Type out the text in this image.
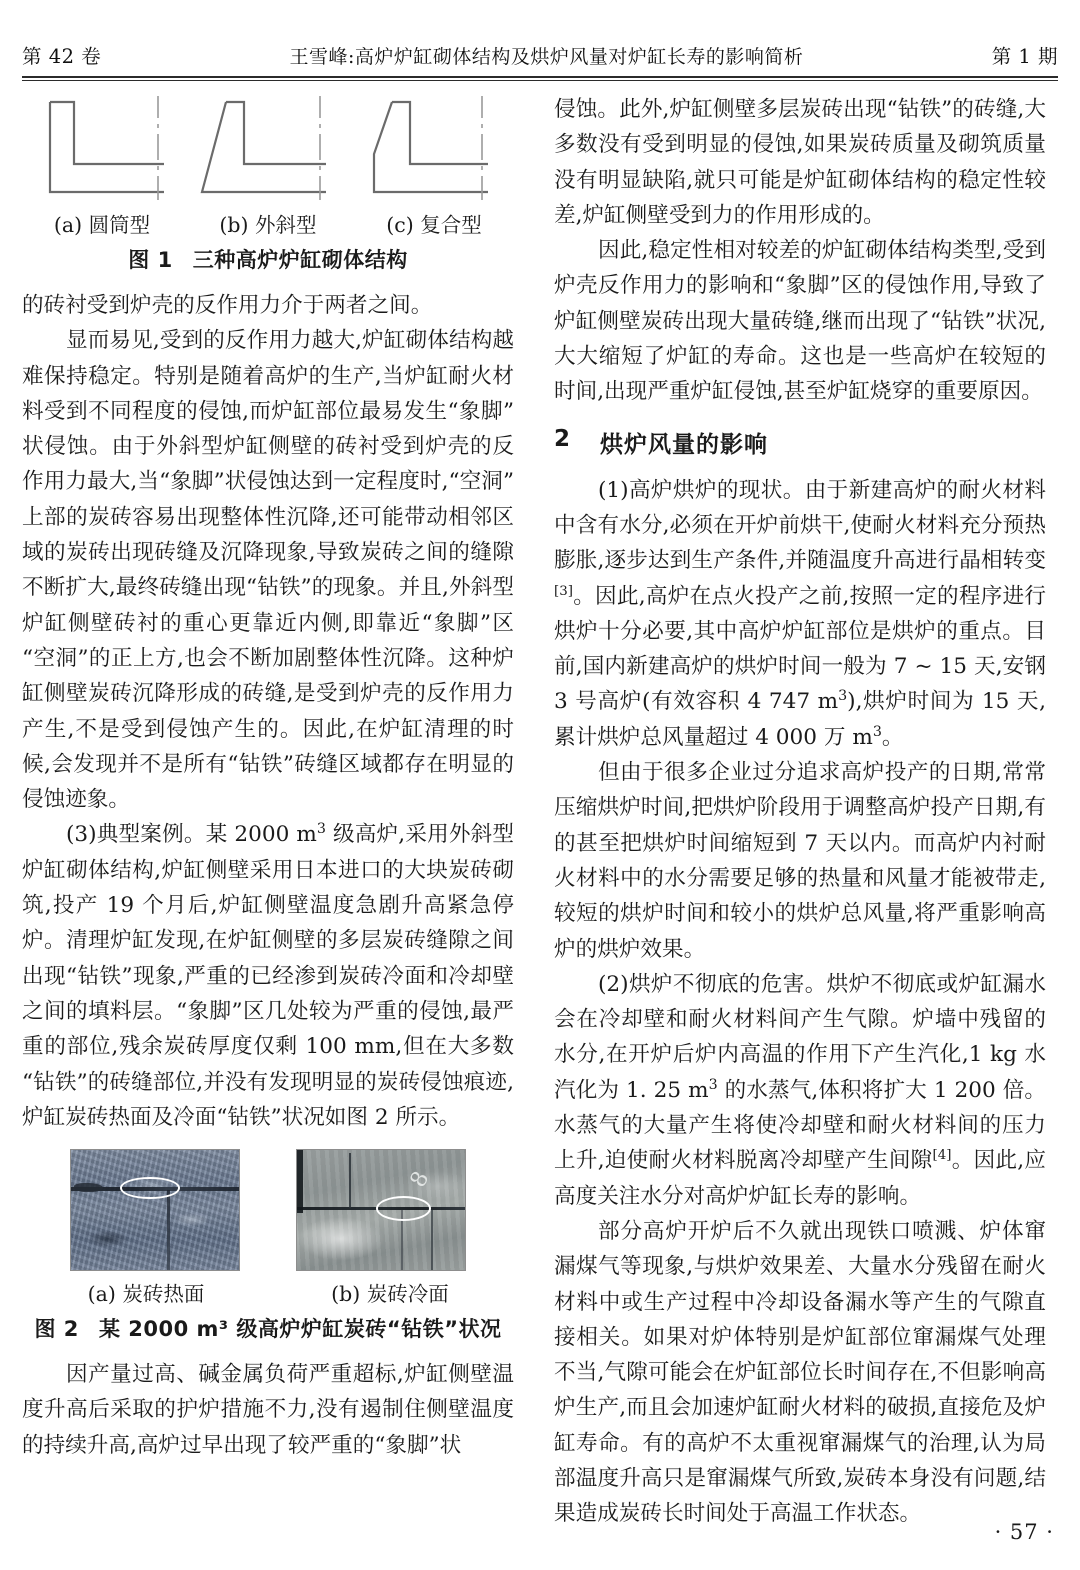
第 42 卷	王雪峰:高炉炉缸砌体结构及烘炉风量对炉缸长寿的影响简析	第 1 期
(a) 圆筒型	(b) 外斜型	(c) 复合型
图 1 三种高炉炉缸砌体结构

的砖衬受到炉壳的反作用力介于两者之间。

显而易见,受到的反作用力越大,炉缸砌体结构越难保持稳定。特别是随着高炉的生产,当炉缸耐火材料受到不同程度的侵蚀,而炉缸部位最易发生“象脚”状侵蚀。由于外斜型炉缸侧壁的砖衬受到炉壳的反作用力最大,当“象脚”状侵蚀达到一定程度时,“空洞”上部的炭砖容易出现整体性沉降,还可能带动相邻区域的炭砖出现砖缝及沉降现象,导致炭砖之间的缝隙不断扩大,最终砖缝出现“钻铁”的现象。并且,外斜型炉缸侧壁砖衬的重心更靠近内侧,即靠近“象脚”区“空洞”的正上方,也会不断加剧整体性沉降。这种炉缸侧壁炭砖沉降形成的砖缝,是受到炉壳的反作用力产生,不是受到侵蚀产生的。因此,在炉缸清理的时候,会发现并不是所有“钻铁”砖缝区域都存在明显的侵蚀迹象。

(3)典型案例。某 2000 $m^3$ 级高炉,采用外斜型炉缸砌体结构,炉缸侧壁采用日本进口的大块炭砖砌筑,投产 19 个月后,炉缸侧壁温度急剧升高紧急停炉。清理炉缸发现,在炉缸侧壁的多层炭砖缝隙之间出现“钻铁”现象,严重的已经渗到炭砖冷面和冷却壁之间的填料层。“象脚”区几处较为严重的侵蚀,最严重的部位,残余炭砖厚度仅剩 100 mm,但在大多数“钻铁”的砖缝部位,并没有发现明显的炭砖侵蚀痕迹,炉缸炭砖热面及冷面“钻铁”状况如图 2 所示。

8
(a) 炭砖热面	(b) 炭砖冷面
图 2 某 2000 m³ 级高炉炉缸炭砖“钻铁”状况

因产量过高、碱金属负荷严重超标,炉缸侧壁温度升高后采取的护炉措施不力,没有遏制住侧壁温度的持续升高,高炉过早出现了较严重的“象脚”状

侵蚀。此外,炉缸侧壁多层炭砖出现“钻铁”的砖缝,大多数没有受到明显的侵蚀,如果炭砖质量及砌筑质量没有明显缺陷,就只可能是炉缸砌体结构的稳定性较差,炉缸侧壁受到力的作用形成的。

因此,稳定性相对较差的炉缸砌体结构类型,受到炉壳反作用力的影响和“象脚”区的侵蚀作用,导致了炉缸侧壁炭砖出现大量砖缝,继而出现了“钻铁”状况,大大缩短了炉缸的寿命。这也是一些高炉在较短的时间,出现严重炉缸侵蚀,甚至炉缸烧穿的重要原因。

2	烘炉风量的影响

(1)高炉烘炉的现状。由于新建高炉的耐火材料中含有水分,必须在开炉前烘干,使耐火材料充分预热膨胀,逐步达到生产条件,并随温度升高进行晶相转变[3]。因此,高炉在点火投产之前,按照一定的程序进行烘炉十分必要,其中高炉炉缸部位是烘炉的重点。目前,国内新建高炉的烘炉时间一般为 7 ~ 15 天,安钢 3 号高炉(有效容积 4 747 $m^3$),烘炉时间为 15 天,累计烘炉总风量超过 4 000 万 $m^3$。

但由于很多企业过分追求高炉投产的日期,常常压缩烘炉时间,把烘炉阶段用于调整高炉投产日期,有的甚至把烘炉时间缩短到 7 天以内。而高炉内衬耐火材料中的水分需要足够的热量和风量才能被带走,较短的烘炉时间和较小的烘炉总风量,将严重影响高炉的烘炉效果。

(2)烘炉不彻底的危害。烘炉不彻底或炉缸漏水会在冷却壁和耐火材料间产生气隙。炉墙中残留的水分,在开炉后炉内高温的作用下产生汽化,1 kg 水汽化为 1. 25 $m^3$ 的水蒸气,体积将扩大 1 200 倍。水蒸气的大量产生将使冷却壁和耐火材料间的压力上升,迫使耐火材料脱离冷却壁产生间隙[4]。因此,应高度关注水分对高炉炉缸长寿的影响。

部分高炉开炉后不久就出现铁口喷溅、炉体窜漏煤气等现象,与烘炉效果差、大量水分残留在耐火材料中或生产过程中冷却设备漏水等产生的气隙直接相关。如果对炉体特别是炉缸部位窜漏煤气处理不当,气隙可能会在炉缸部位长时间存在,不但影响高炉生产,而且会加速炉缸耐火材料的破损,直接危及炉缸寿命。有的高炉不太重视窜漏煤气的治理,认为局部温度升高只是窜漏煤气所致,炭砖本身没有问题,结果造成炭砖长时间处于高温工作状态。

· 57 ·
